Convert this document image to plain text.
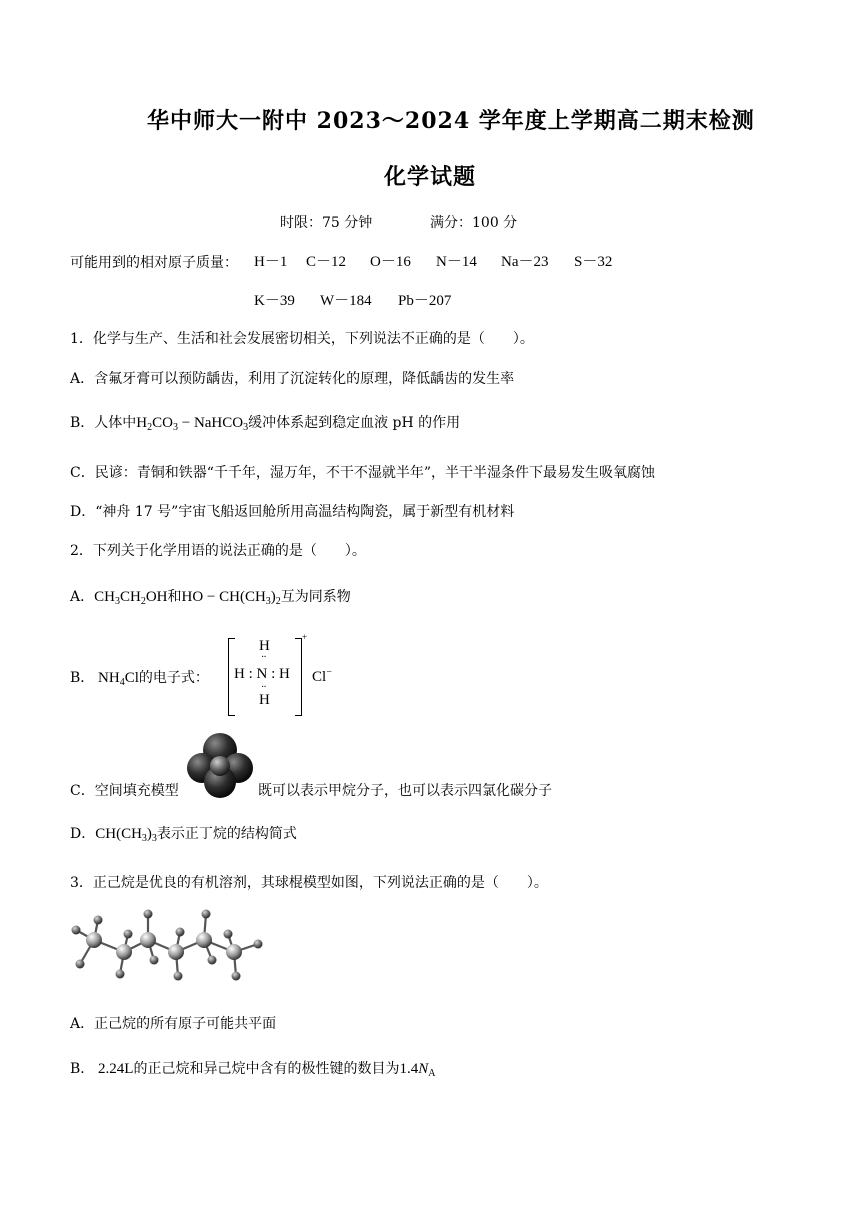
华中师大一附中 2023～2024 学年度上学期高二期末检测
化学试题
时限：75 分钟	满分：100 分
可能用到的相对原子质量： H－1 C－12 O－16 N－14 Na－23 S－32
K－39 W－184 Pb－207
1．化学与生产、生活和社会发展密切相关，下列说法不正确的是（　　）。
A．含氟牙膏可以预防龋齿，利用了沉淀转化的原理，降低龋齿的发生率
B．人体中$H_2CO_3$ − NaHCO$_3$缓冲体系起到稳定血液 pH 的作用
C．民谚：青铜和铁器“千千年，湿万年，不干不湿就半年”，半干半湿条件下最易发生吸氧腐蚀
D．“神舟 17 号”宇宙飞船返回舱所用高温结构陶瓷，属于新型有机材料
2．下列关于化学用语的说法正确的是（　　）。
A．$CH_3CH_2OH$和HO − $CH(CH_3)_2$互为同系物
B． $NH_4Cl$的电子式：
H
··
H : N : H
··
H
+
Cl−
C．空间填充模型	既可以表示甲烷分子，也可以表示四氯化碳分子
D．$CH(CH_3)_3$表示正丁烷的结构简式
3．正己烷是优良的有机溶剂，其球棍模型如图，下列说法正确的是（　　）。
A．正己烷的所有原子可能共平面
B． 2.24L的正己烷和异己烷中含有的极性键的数目为$1.4N_A$
